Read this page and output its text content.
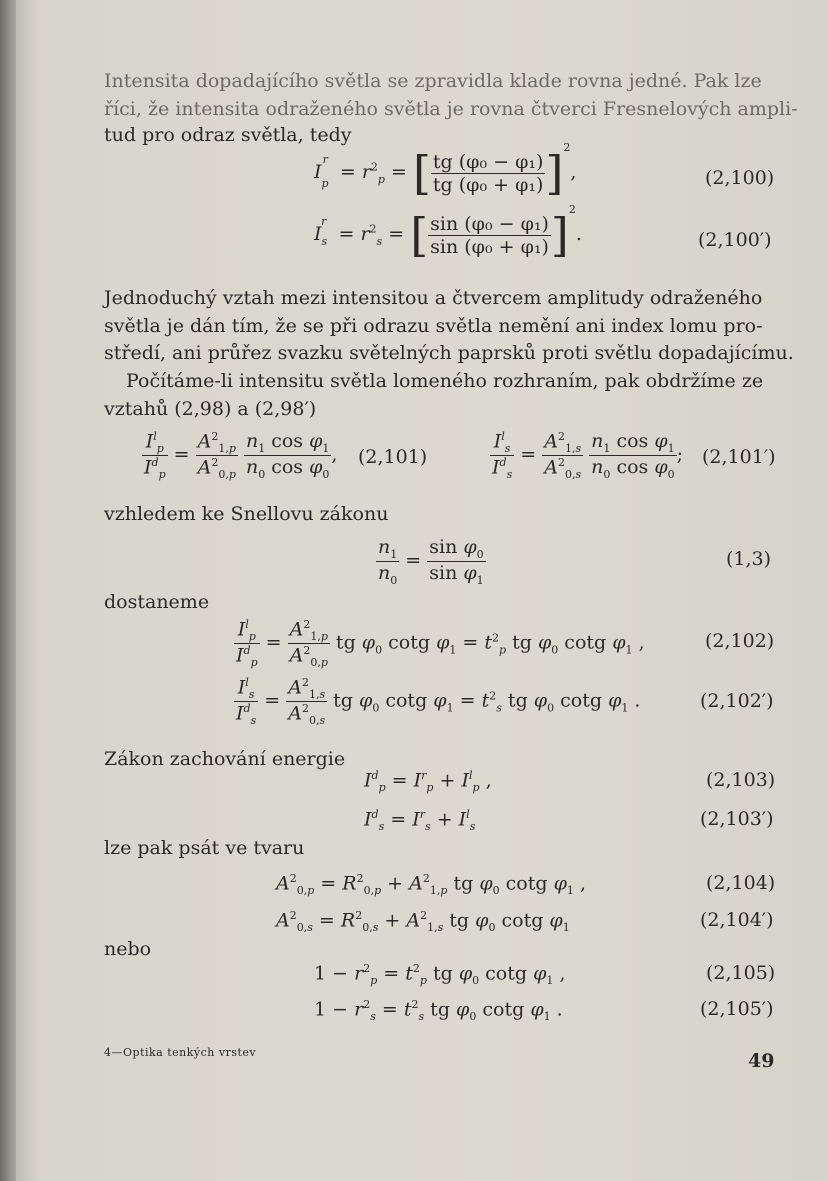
Intensita dopadajícího světla se zpravidla klade rovna jedné. Pak lze
říci, že intensita odraženého světla je rovna čtverci Fresnelových ampli-
tud pro odraz světla, tedy
$I_p^r = r^2_p$ = [ $\frac{\text{tg (φ₀ − φ₁)}}{\text{tg (φ₀ + φ₁)}} ]^2$,	(2,100)
$I_s^r = r^2_s$ = [ $\frac{\text{sin (φ₀ − φ₁)}}{\text{sin (φ₀ + φ₁)}} ]^2$.	(2,100′)
Jednoduchý vztah mezi intensitou a čtvercem amplitudy odraženého
světla je dán tím, že se při odrazu světla nemění ani index lomu pro-
středí, ani průřez svazku světelných paprsků proti světlu dopadajícímu.
Počítáme-li intensitu světla lomeného rozhraním, pak obdržíme ze
vztahů (2,98) a (2,98′)
$\frac{I^l_p}{I^d_p} = \frac{A^2_{1,p}}{A^2_{0,p}}$
$\frac{n_1 \cos \varphi_1}{n_0 \cos \varphi_0}$ , (2,101)	$\frac{I^l_s}{I^d_s} = \frac{A^2_{1,s}}{A^2_{0,s}}$
$\frac{n_1 \cos \varphi_1}{n_0 \cos \varphi_0}$ ; (2,101′)
vzhledem ke Snellovu zákonu
$\frac{n_1}{n_0} = \frac{\sin \varphi_0}{\sin \varphi_1}$	(1,3)
dostaneme
$\frac{I^l_p}{I^d_p} = \frac{A^2_{1,p}}{A^2_{0,p}}$ tg $\varphi_0$ cotg $\varphi_1 = t^2_p$ tg $\varphi_0$ cotg $\varphi_1$ ,	(2,102)
$\frac{I^l_s}{I^d_s} = \frac{A^2_{1,s}}{A^2_{0,s}}$ tg $\varphi_0$ cotg $\varphi_1 = t^2_s$ tg $\varphi_0$ cotg $\varphi_1$ .	(2,102′)
Zákon zachování energie
$I^d_p = I^r_p + I^l_p$ ,	(2,103)
$I^d_s = I^r_s + I^l_s$	(2,103′)
lze pak psát ve tvaru
$A^2_{0,p} = R^2_{0,p} + A^2_{1,p}$ tg $\varphi_0$ cotg $\varphi_1$ ,	(2,104)
$A^2_{0,s} = R^2_{0,s} + A^2_{1,s}$ tg $\varphi_0$ cotg $\varphi_1$	(2,104′)
nebo
$1 - r^2_p = t^2_p$ tg $\varphi_0$ cotg $\varphi_1$ ,	(2,105)
$1 - r^2_s = t^2_s$ tg $\varphi_0$ cotg $\varphi_1$ .	(2,105′)
4—Optika tenkých vrstev	49
